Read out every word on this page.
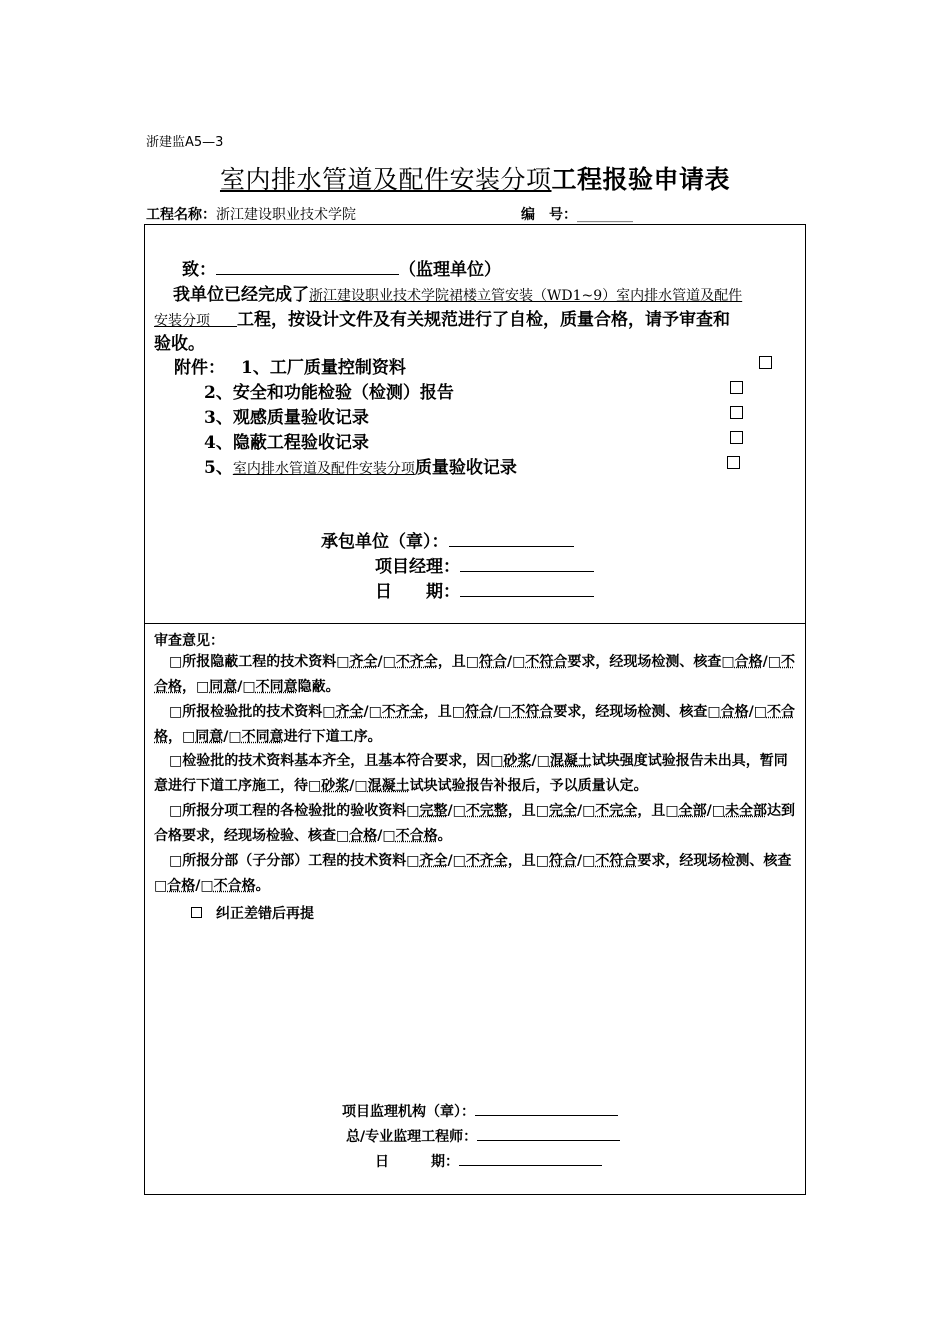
浙建监A5—3
室内排水管道及配件安装分项工程报验申请表
工程名称：浙江建设职业技术学院	编　号：________
致：	（监理单位）
我单位已经完成了浙江建设职业技术学院裙楼立管安装（WD1~9）室内排水管道及配件
安装分项 工程，按设计文件及有关规范进行了自检，质量合格，请予审查和
验收。
附件： 1、工厂质量控制资料
2、安全和功能检验（检测）报告
3、观感质量验收记录
4、隐蔽工程验收记录
5、室内排水管道及配件安装分项质量验收记录
承包单位（章）：
项目经理：
日　　期：
审查意见：
□所报隐蔽工程的技术资料□齐全/□不齐全，且□符合/□不符合要求，经现场检测、核查□合格/□不合格，□同意/□不同意隐蔽。
□所报检验批的技术资料□齐全/□不齐全，且□符合/□不符合要求，经现场检测、核查□合格/□不合格，□同意/□不同意进行下道工序。
□检验批的技术资料基本齐全，且基本符合要求，因□砂浆/□混凝土试块强度试验报告未出具，暂同意进行下道工序施工，待□砂浆/□混凝土试块试验报告补报后，予以质量认定。
□所报分项工程的各检验批的验收资料□完整/□不完整，且□完全/□不完全，且□全部/□未全部达到合格要求，经现场检验、核查□合格/□不合格。
□所报分部（子分部）工程的技术资料□齐全/□不齐全，且□符合/□不符合要求，经现场检测、核查□合格/□不合格。
纠正差错后再提
项目监理机构（章）：
总/专业监理工程师：
日　　　期：
